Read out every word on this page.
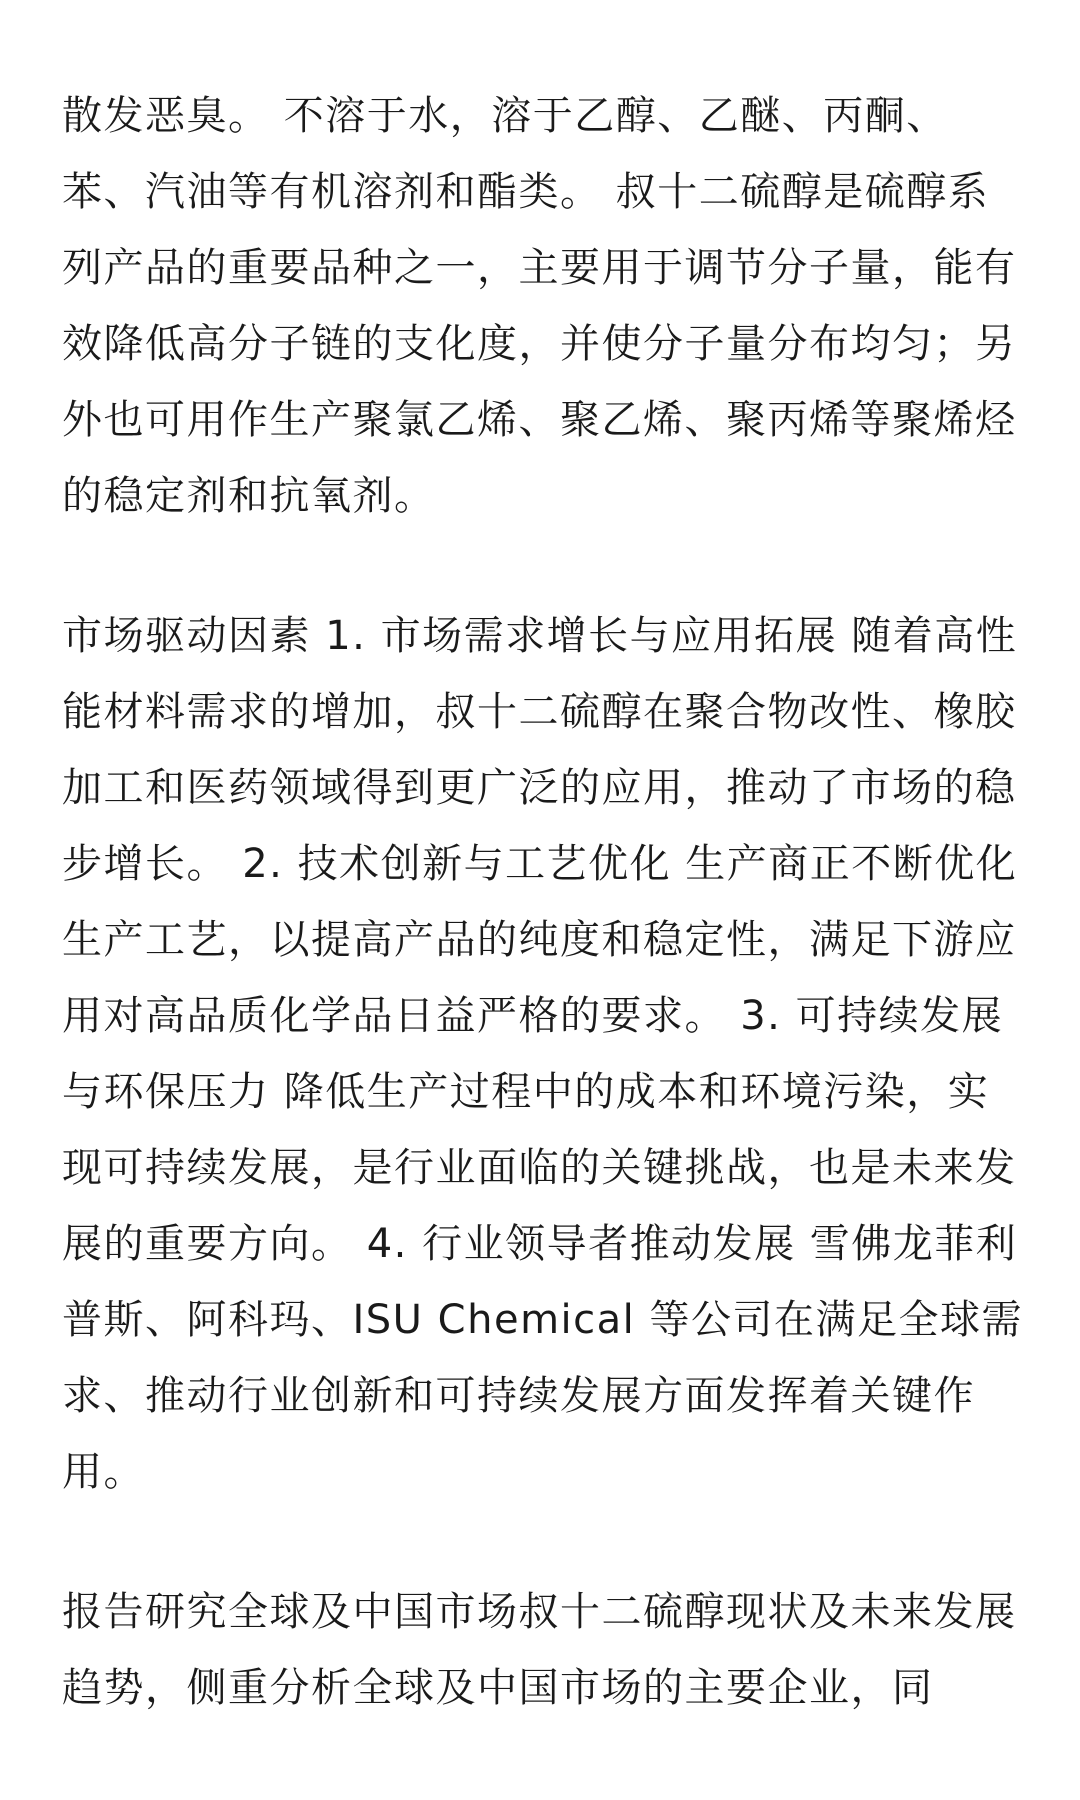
散发恶臭。 不溶于水，溶于乙醇、乙醚、丙酮、苯、汽油等有机溶剂和酯类。 叔十二硫醇是硫醇系列产品的重要品种之一，主要用于调节分子量，能有效降低高分子链的支化度，并使分子量分布均匀；另外也可用作生产聚氯乙烯、聚乙烯、聚丙烯等聚烯烃的稳定剂和抗氧剂。

市场驱动因素 1. 市场需求增长与应用拓展 随着高性能材料需求的增加，叔十二硫醇在聚合物改性、橡胶加工和医药领域得到更广泛的应用，推动了市场的稳步增长。 2. 技术创新与工艺优化 生产商正不断优化生产工艺，以提高产品的纯度和稳定性，满足下游应用对高品质化学品日益严格的要求。 3. 可持续发展与环保压力 降低生产过程中的成本和环境污染，实现可持续发展，是行业面临的关键挑战，也是未来发展的重要方向。 4. 行业领导者推动发展 雪佛龙菲利普斯、阿科玛、ISU Chemical 等公司在满足全球需求、推动行业创新和可持续发展方面发挥着关键作用。

报告研究全球及中国市场叔十二硫醇现状及未来发展趋势，侧重分析全球及中国市场的主要企业，同
